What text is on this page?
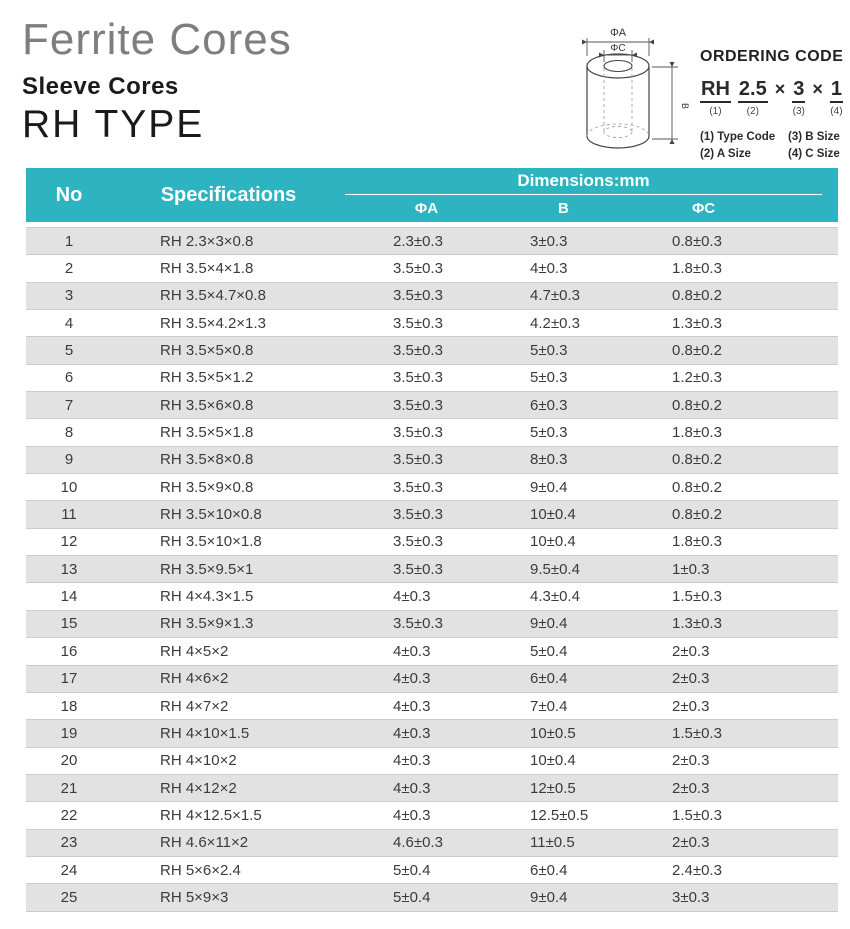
Ferrite Cores
Sleeve Cores
RH TYPE
ΦA
ΦC
B
ORDERING CODE
RH
(1)
2.5
(2)
× 3
(3)
× 1
(4)
(1) Type Code	(3) B Size
(2) A Size	(4) C Size
No	Specifications
Dimensions:mm
ΦA	B	ΦC
1	RH 2.3×3×0.8	2.3±0.3	3±0.3	0.8±0.3
2	RH 3.5×4×1.8	3.5±0.3	4±0.3	1.8±0.3
3	RH 3.5×4.7×0.8	3.5±0.3	4.7±0.3	0.8±0.2
4	RH 3.5×4.2×1.3	3.5±0.3	4.2±0.3	1.3±0.3
5	RH 3.5×5×0.8	3.5±0.3	5±0.3	0.8±0.2
6	RH 3.5×5×1.2	3.5±0.3	5±0.3	1.2±0.3
7	RH 3.5×6×0.8	3.5±0.3	6±0.3	0.8±0.2
8	RH 3.5×5×1.8	3.5±0.3	5±0.3	1.8±0.3
9	RH 3.5×8×0.8	3.5±0.3	8±0.3	0.8±0.2
10	RH 3.5×9×0.8	3.5±0.3	9±0.4	0.8±0.2
11	RH 3.5×10×0.8	3.5±0.3	10±0.4	0.8±0.2
12	RH 3.5×10×1.8	3.5±0.3	10±0.4	1.8±0.3
13	RH 3.5×9.5×1	3.5±0.3	9.5±0.4	1±0.3
14	RH 4×4.3×1.5	4±0.3	4.3±0.4	1.5±0.3
15	RH 3.5×9×1.3	3.5±0.3	9±0.4	1.3±0.3
16	RH 4×5×2	4±0.3	5±0.4	2±0.3
17	RH 4×6×2	4±0.3	6±0.4	2±0.3
18	RH 4×7×2	4±0.3	7±0.4	2±0.3
19	RH 4×10×1.5	4±0.3	10±0.5	1.5±0.3
20	RH 4×10×2	4±0.3	10±0.4	2±0.3
21	RH 4×12×2	4±0.3	12±0.5	2±0.3
22	RH 4×12.5×1.5	4±0.3	12.5±0.5	1.5±0.3
23	RH 4.6×11×2	4.6±0.3	11±0.5	2±0.3
24	RH 5×6×2.4	5±0.4	6±0.4	2.4±0.3
25	RH 5×9×3	5±0.4	9±0.4	3±0.3
